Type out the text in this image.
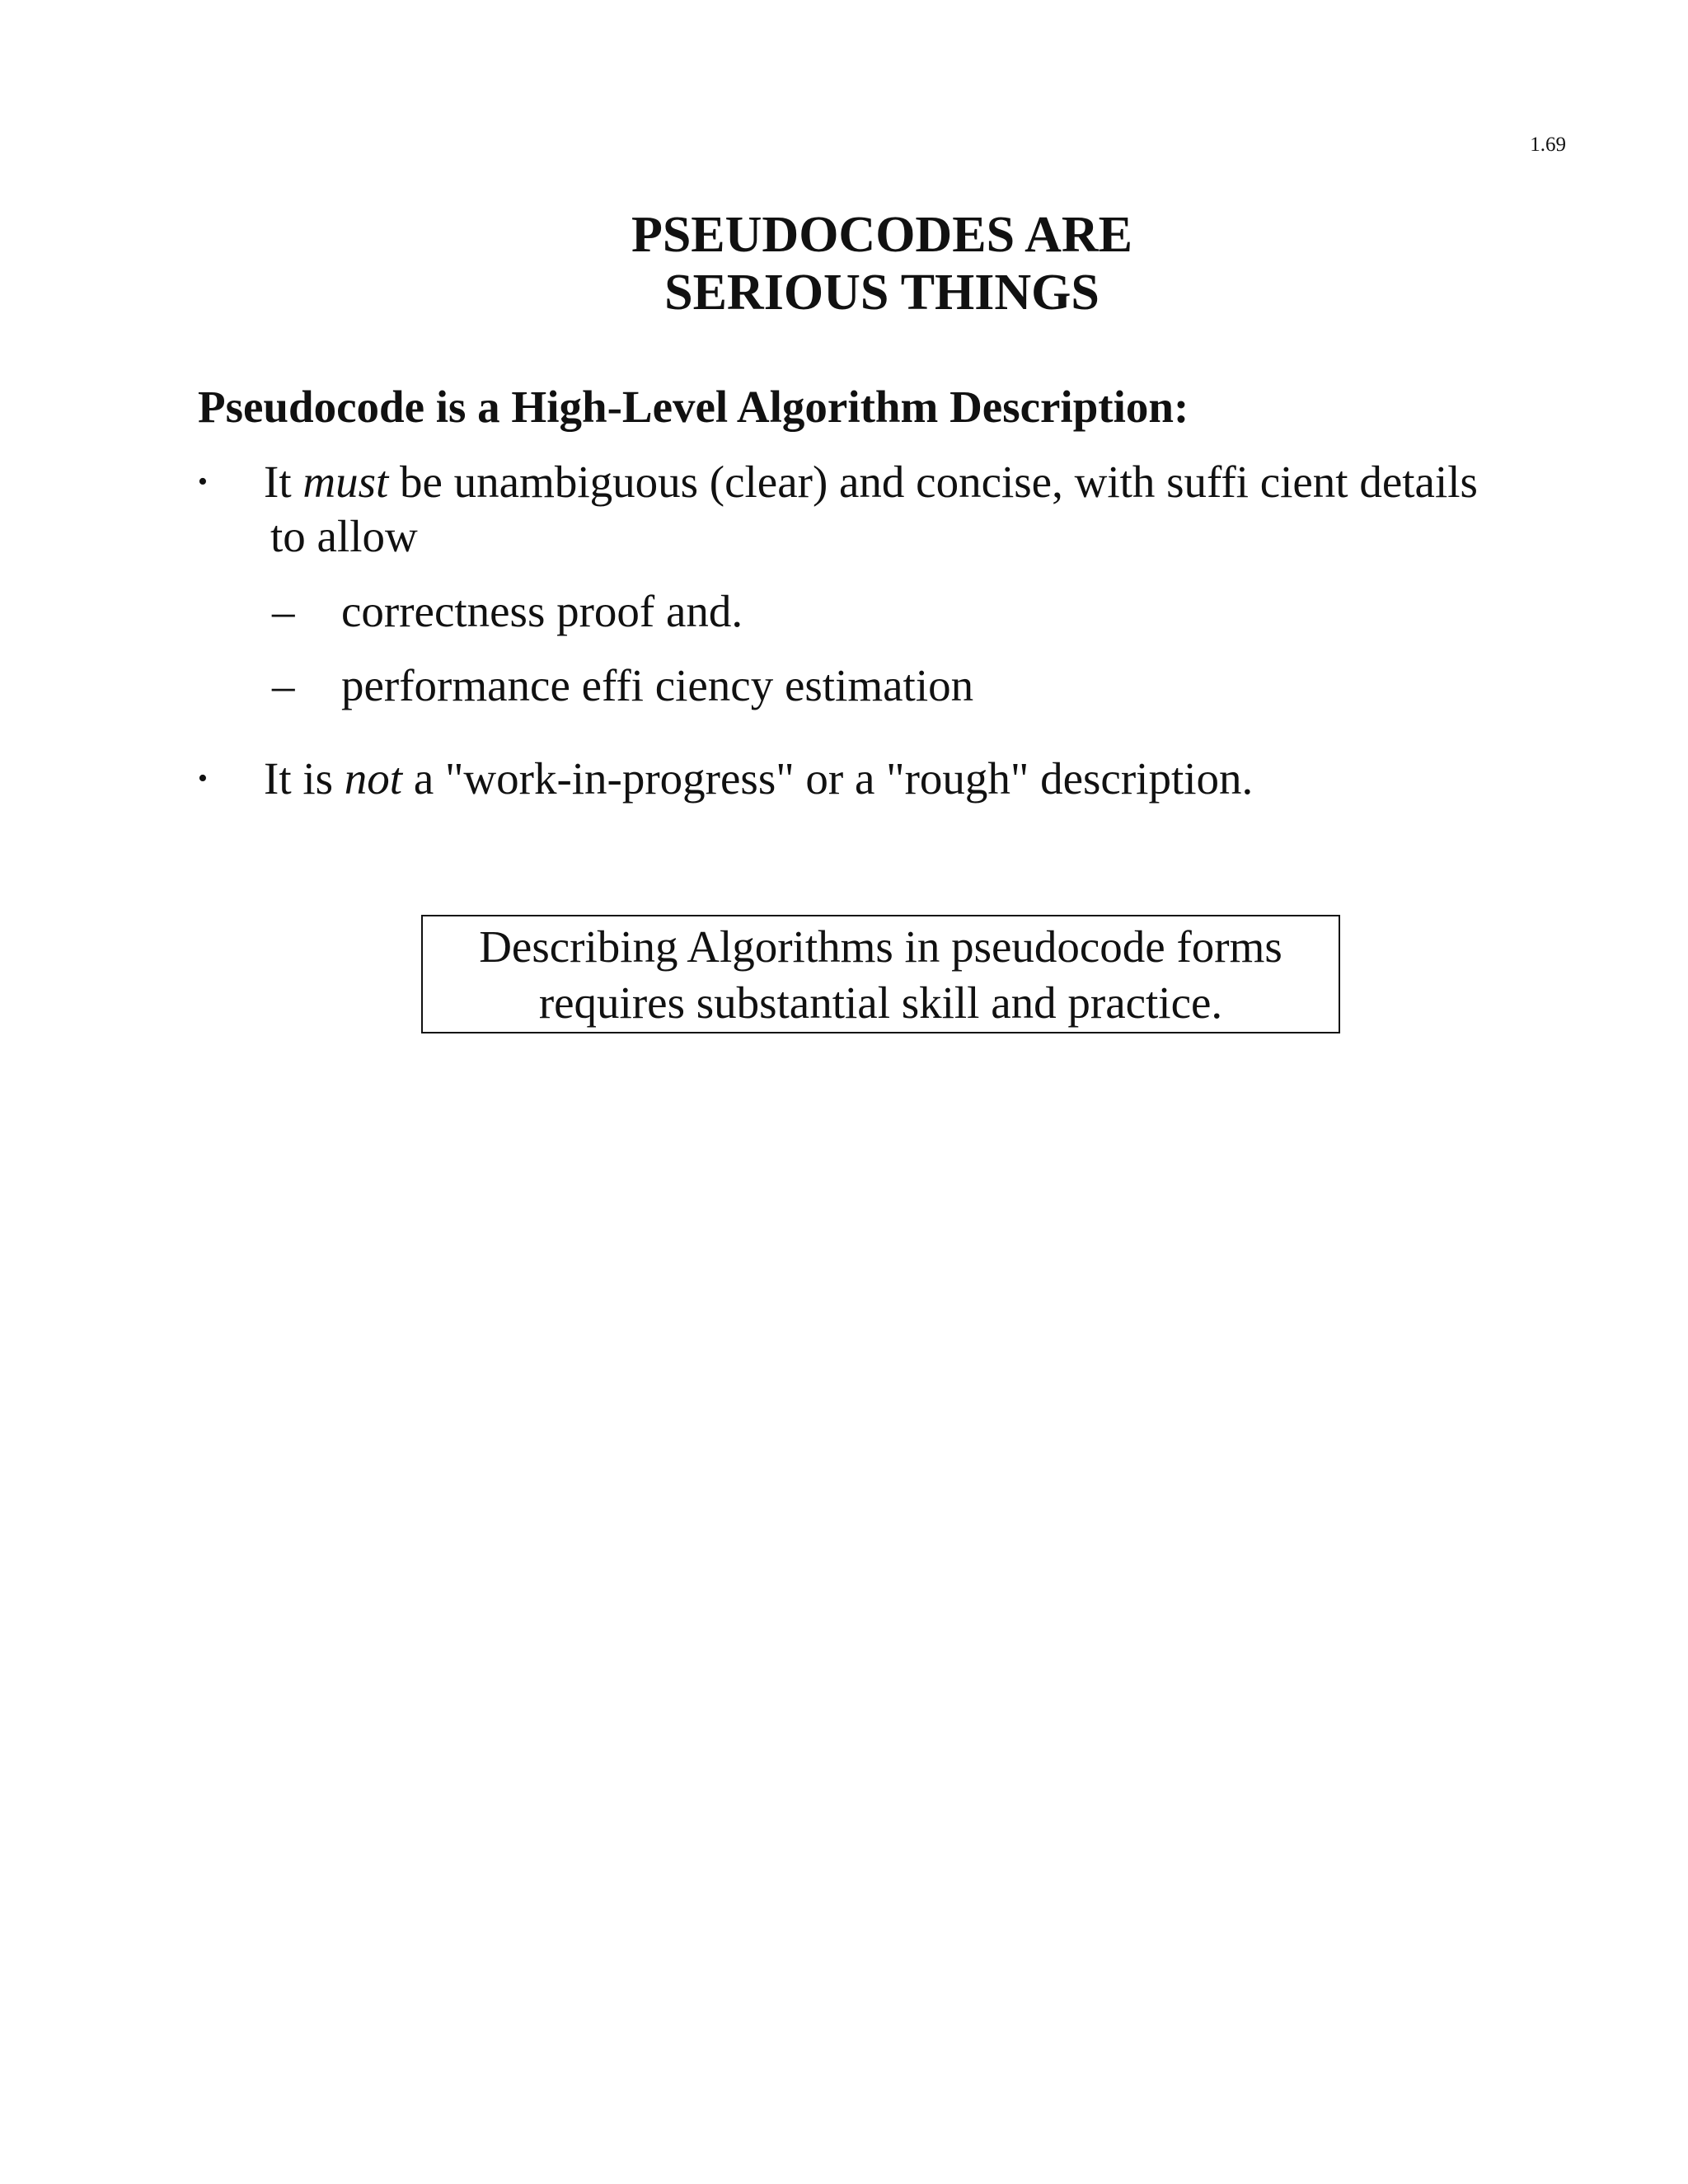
1.69
PSEUDOCODES ARE
SERIOUS THINGS
Pseudocode is a High-Level Algorithm Description:
• It must be unambiguous (clear) and concise, with suffi cient details
to allow
– correctness proof and.
– performance effi ciency estimation
• It is not a "work-in-progress" or a "rough" description.
Describing Algorithms in pseudocode forms
requires substantial skill and practice.
